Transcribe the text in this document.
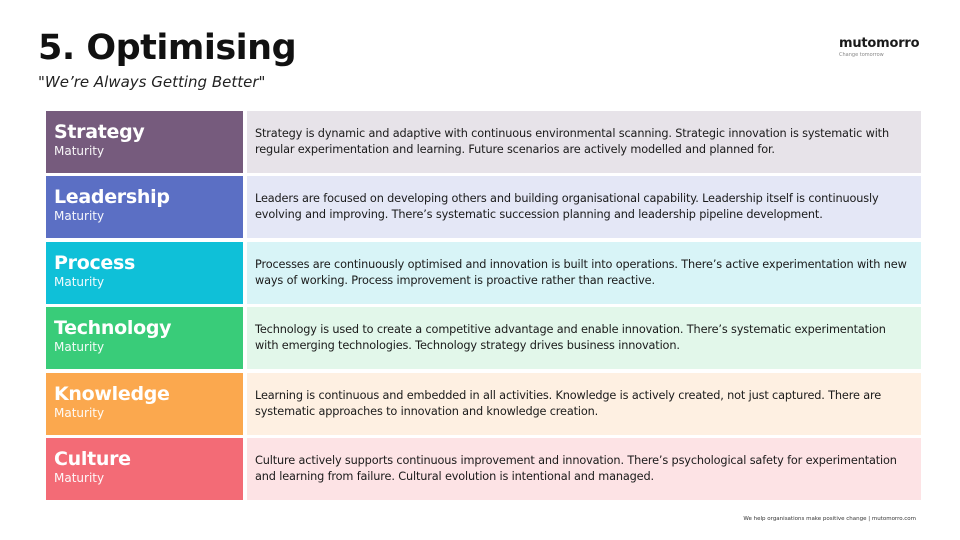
5. Optimising
"We’re Always Getting Better"
mutomorro
Change tomorrow
Strategy
Maturity
Strategy is dynamic and adaptive with continuous environmental scanning. Strategic innovation is systematic with regular experimentation and learning. Future scenarios are actively modelled and planned for.
Leadership
Maturity
Leaders are focused on developing others and building organisational capability. Leadership itself is continuously evolving and improving. There’s systematic succession planning and leadership pipeline development.
Process
Maturity
Processes are continuously optimised and innovation is built into operations. There’s active experimentation with new ways of working. Process improvement is proactive rather than reactive.
Technology
Maturity
Technology is used to create a competitive advantage and enable innovation. There’s systematic experimentation with emerging technologies. Technology strategy drives business innovation.
Knowledge
Maturity
Learning is continuous and embedded in all activities. Knowledge is actively created, not just captured. There are systematic approaches to innovation and knowledge creation.
Culture
Maturity
Culture actively supports continuous improvement and innovation. There’s psychological safety for experimentation and learning from failure. Cultural evolution is intentional and managed.
We help organisations make positive change | mutomorro.com
